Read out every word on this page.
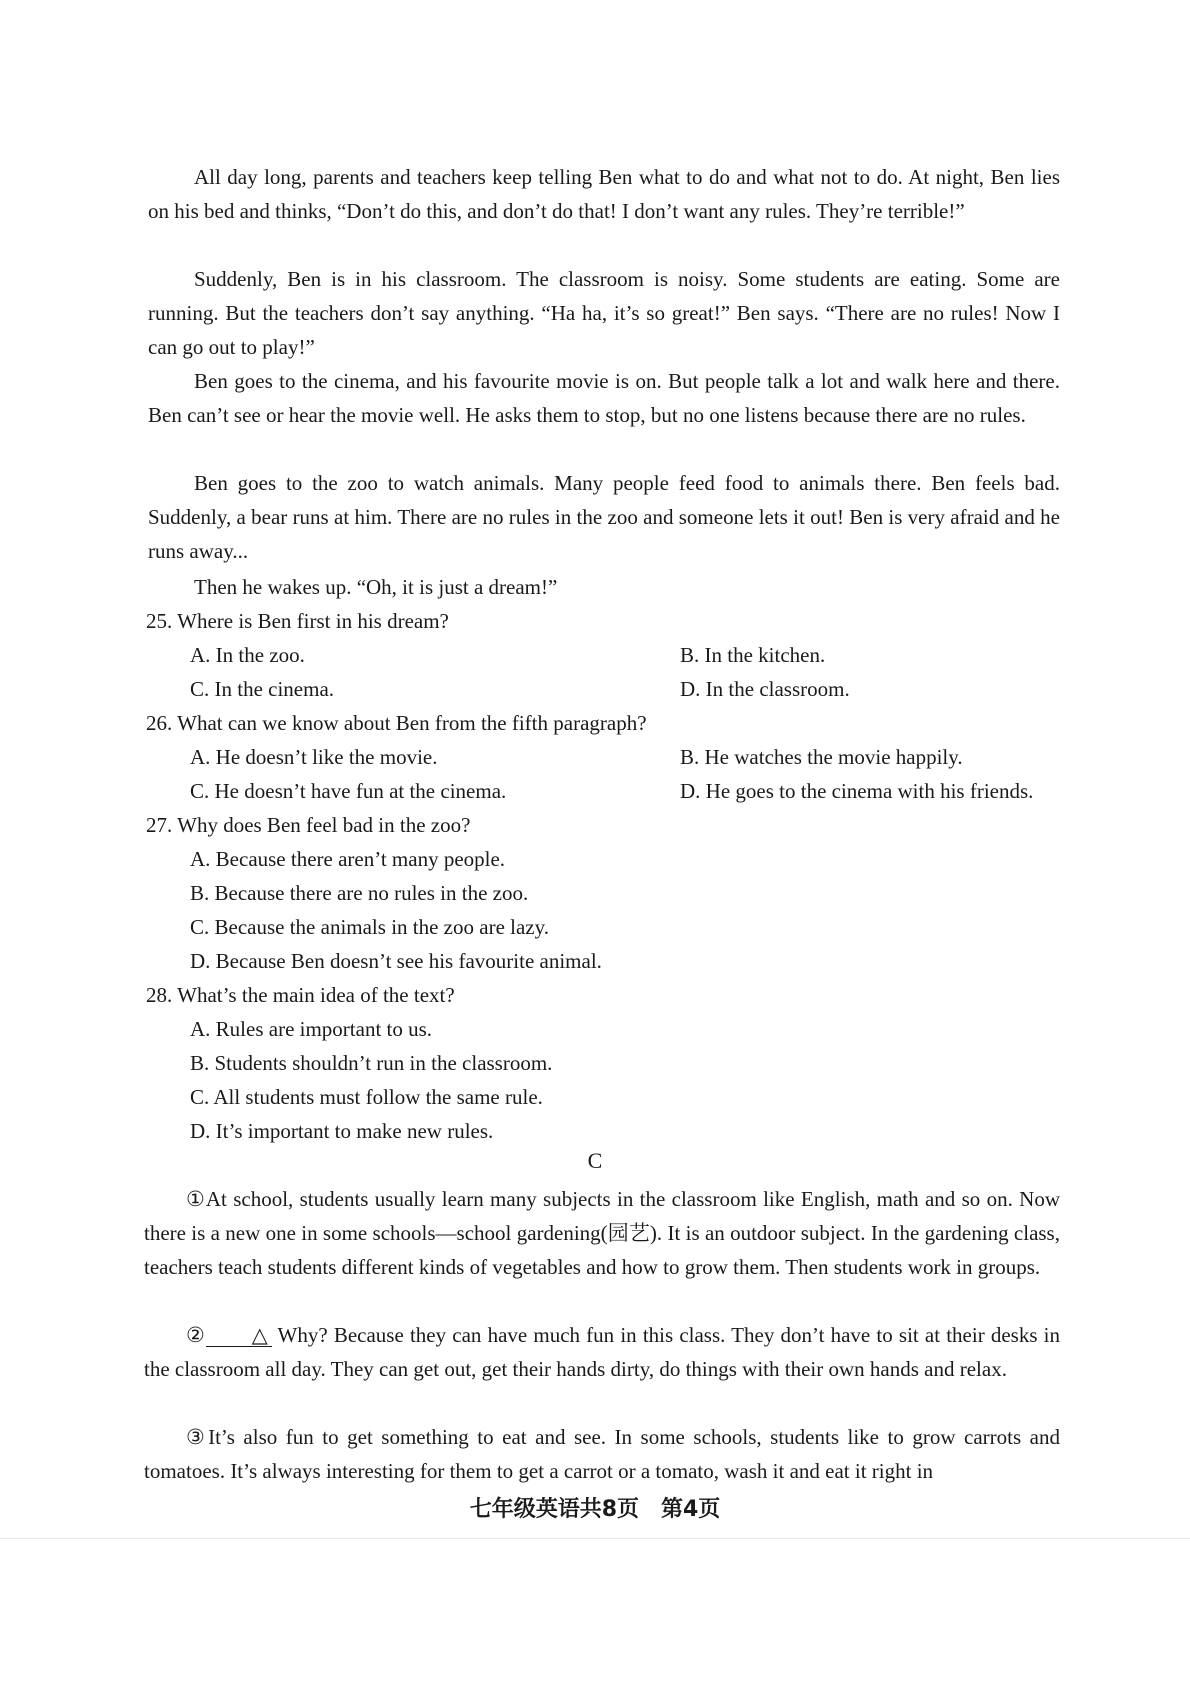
All day long, parents and teachers keep telling Ben what to do and what not to do. At night, Ben lies on his bed and thinks, “Don’t do this, and don’t do that! I don’t want any rules. They’re terrible!”
Suddenly, Ben is in his classroom. The classroom is noisy. Some students are eating. Some are running. But the teachers don’t say anything. “Ha ha, it’s so great!” Ben says. “There are no rules! Now I can go out to play!”
Ben goes to the cinema, and his favourite movie is on. But people talk a lot and walk here and there. Ben can’t see or hear the movie well. He asks them to stop, but no one listens because there are no rules.
Ben goes to the zoo to watch animals. Many people feed food to animals there. Ben feels bad. Suddenly, a bear runs at him. There are no rules in the zoo and someone lets it out! Ben is very afraid and he runs away...
Then he wakes up. “Oh, it is just a dream!”
25. Where is Ben first in his dream?
A. In the zoo.	B. In the kitchen.
C. In the cinema.	D. In the classroom.
26. What can we know about Ben from the fifth paragraph?
A. He doesn’t like the movie.	B. He watches the movie happily.
C. He doesn’t have fun at the cinema.	D. He goes to the cinema with his friends.
27. Why does Ben feel bad in the zoo?
A. Because there aren’t many people.
B. Because there are no rules in the zoo.
C. Because the animals in the zoo are lazy.
D. Because Ben doesn’t see his favourite animal.
28. What’s the main idea of the text?
A. Rules are important to us.
B. Students shouldn’t run in the classroom.
C. All students must follow the same rule.
D. It’s important to make new rules.
C
①At school, students usually learn many subjects in the classroom like English, math and so on. Now there is a new one in some schools—school gardening(园艺). It is an outdoor subject. In the gardening class, teachers teach students different kinds of vegetables and how to grow them. Then students work in groups.
② △ Why? Because they can have much fun in this class. They don’t have to sit at their desks in the classroom all day. They can get out, get their hands dirty, do things with their own hands and relax.
③It’s also fun to get something to eat and see. In some schools, students like to grow carrots and tomatoes. It’s always interesting for them to get a carrot or a tomato, wash it and eat it right in
七年级英语共8页　第4页
